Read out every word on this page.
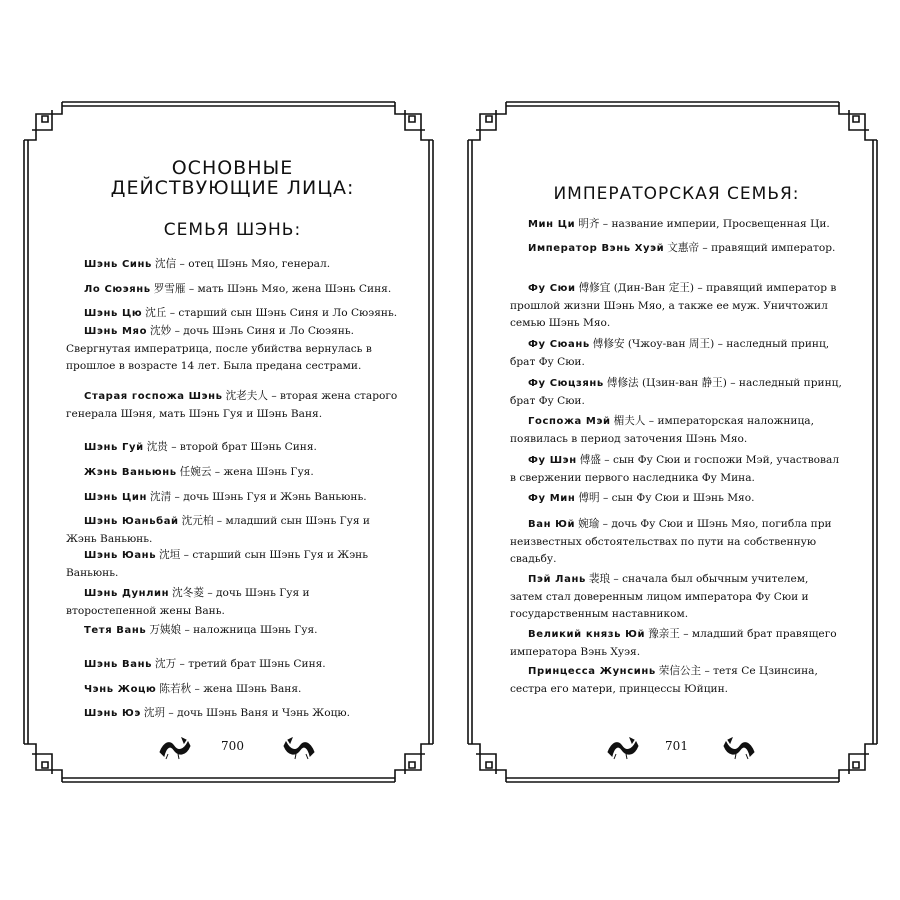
ОСНОВНЫЕ
ДЕЙСТВУЮЩИЕ ЛИЦА:
СЕМЬЯ ШЭНЬ:
Шэнь Синь 沈信 – отец Шэнь Мяо, генерал.
Ло Сюэянь 罗雪雁 – мать Шэнь Мяо, жена Шэнь Синя.
Шэнь Цю 沈丘 – старший сын Шэнь Синя и Ло Сюэянь.
Шэнь Мяо 沈妙 – дочь Шэнь Синя и Ло Сюэянь. Свергнутая императрица, после убийства вернулась в прошлое в возрасте 14 лет. Была предана сестрами.
Старая госпожа Шэнь 沈老夫人 – вторая жена старого генерала Шэня, мать Шэнь Гуя и Шэнь Ваня.
Шэнь Гуй 沈贵 – второй брат Шэнь Синя.
Жэнь Ваньюнь 任婉云 – жена Шэнь Гуя.
Шэнь Цин 沈清 – дочь Шэнь Гуя и Жэнь Ваньюнь.
Шэнь Юаньбай 沈元柏 – младший сын Шэнь Гуя и Жэнь Ваньюнь.
Шэнь Юань 沈垣 – старший сын Шэнь Гуя и Жэнь Ваньюнь.
Шэнь Дунлин 沈冬菱 – дочь Шэнь Гуя и второстепенной жены Вань.
Тетя Вань 万姨娘 – наложница Шэнь Гуя.
Шэнь Вань 沈万 – третий брат Шэнь Синя.
Чэнь Жоцю 陈若秋 – жена Шэнь Ваня.
Шэнь Юэ 沈玥 – дочь Шэнь Ваня и Чэнь Жоцю.
700
ИМПЕРАТОРСКАЯ СЕМЬЯ:
Мин Ци 明齐 – название империи, Просвещенная Ци.
Император Вэнь Хуэй 文惠帝 – правящий император.
Фу Сюи 傅修宜 (Дин-Ван 定王) – правящий император в прошлой жизни Шэнь Мяо, а также ее муж. Уничтожил семью Шэнь Мяо.
Фу Сюань 傅修安 (Чжоу-ван 周王) – наследный принц, брат Фу Сюи.
Фу Сюцзянь 傅修法 (Цзин-ван 静王) – наследный принц, брат Фу Сюи.
Госпожа Мэй 楣夫人 – императорская наложница, появилась в период заточения Шэнь Мяо.
Фу Шэн 傅盛 – сын Фу Сюи и госпожи Мэй, участвовал в свержении первого наследника Фу Мина.
Фу Мин 傅明 – сын Фу Сюи и Шэнь Мяо.
Ван Юй 婉瑜 – дочь Фу Сюи и Шэнь Мяо, погибла при неизвестных обстоятельствах по пути на собственную свадьбу.
Пэй Лань 裴琅 – сначала был обычным учителем, затем стал доверенным лицом императора Фу Сюи и государственным наставником.
Великий князь Юй 豫亲王 – младший брат правящего императора Вэнь Хуэя.
Принцесса Жунсинь 荣信公主 – тетя Се Цзинсина, сестра его матери, принцессы Юйцин.
701
